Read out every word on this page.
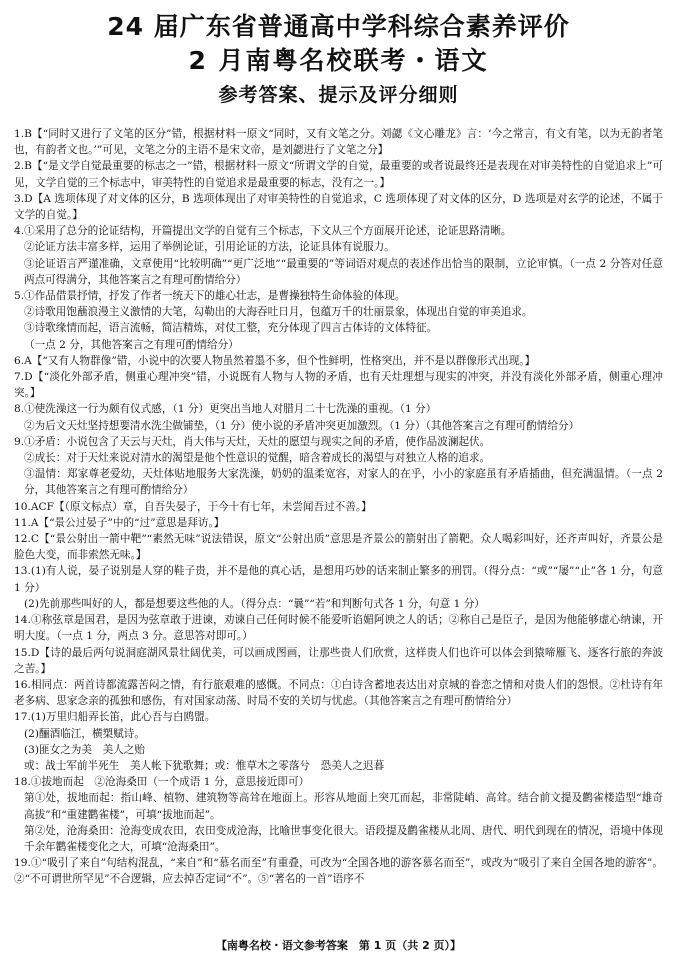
24 届广东省普通高中学科综合素养评价
2 月南粤名校联考・语文
参考答案、提示及评分细则
1.B【“同时又进行了文笔的区分”错，根据材料一原文“同时，又有文笔之分。刘勰《文心雕龙》言：‘今之常言，有文有笔，以为无韵者笔也，有韵者文也。’”可见，文笔之分的主语不是宋文帝，是刘勰进行了文笔之分】
2.B【“是文学自觉最重要的标志之一”错，根据材料一原文“所谓文学的自觉，最重要的或者说最终还是表现在对审美特性的自觉追求上”可见，文学自觉的三个标志中，审美特性的自觉追求是最重要的标志，没有之一。】
3.D【A 选项体现了对文体的区分，B 选项体现出了对审美特性的自觉追求，C 选项体现了对文体的区分，D 选项是对玄学的论述，不属于文学的自觉。】
4.①采用了总分的论证结构，开篇提出文学的自觉有三个标志，下文从三个方面展开论述，论证思路清晰。
②论证方法丰富多样，运用了举例论证，引用论证的方法，论证具体有说服力。
③论证语言严谨准确，文章使用“比较明确”“更广泛地”“最重要的”等词语对观点的表述作出恰当的限制，立论审慎。（一点 2 分答对任意两点可得满分，其他答案言之有理可酌情给分）
5.①作品借景抒情，抒发了作者一统天下的雄心壮志，是曹操独特生命体验的体现。
②诗歌用饱蘸浪漫主义激情的大笔，勾勒出的大海吞吐日月，包蕴万千的壮丽景象，体现出自觉的审美追求。
③诗歌缘情而起，语言流畅，简洁精炼，对仗工整，充分体现了四言古体诗的文体特征。
（一点 2 分，其他答案言之有理可酌情给分）
6.A【“又有人物群像”错，小说中的次要人物虽然着墨不多，但个性鲜明，性格突出，并不是以群像形式出现。】
7.D【“淡化外部矛盾，侧重心理冲突”错，小说既有人物与人物的矛盾，也有天灶理想与现实的冲突，并没有淡化外部矛盾，侧重心理冲突。】
8.①使洗澡这一行为颇有仪式感，（1 分）更突出当地人对腊月二十七洗澡的重视。（1 分）
②为后文天灶坚持想要清水洗尘做铺垫，（1 分）使小说的矛盾冲突更加激烈。（1 分）（其他答案言之有理可酌情给分）
9.①矛盾：小说包含了天云与天灶，肖大伟与天灶，天灶的愿望与现实之间的矛盾，使作品波澜起伏。
②成长：对于天灶来说对清水的渴望是他个性意识的觉醒，暗含着成长的渴望与对独立人格的追求。
③温情：郑家尊老爱幼，天灶体贴地服务大家洗澡，奶奶的温柔宽容，对家人的在乎，小小的家庭虽有矛盾插曲，但充满温情。（一点 2 分，其他答案言之有理可酌情给分）
10.ACF【（原文标点）章，自吾失晏子，于今十有七年，未尝闻吾过不善。】
11.A【“景公过晏子”中的“过”意思是拜访。】
12.C【“景公射出一箭中靶”“素然无味”说法错误，原文“公射出质”意思是齐景公的箭射出了箭靶。众人喝彩叫好，还齐声叫好，齐景公是脸色大变，而非索然无味。】
13.(1)有人说，晏子说别是人穿的鞋子贵，并不是他的真心话，是想用巧妙的话来制止繁多的刑罚。（得分点：“或”“屡”“止”各 1 分，句意 1 分）
(2)先前那些叫好的人，都是想要这些他的人。（得分点：“曩”“若”和判断句式各 1 分，句意 1 分）
14.①称弦章是国君，是因为弦章敢于进谏，劝谏自己任何时候不能爱听谄媚阿谀之人的话；②称自己是臣子，是因为他能够虚心纳谏，开明大度。（一点 1 分，两点 3 分。意思答对即可。）
15.D【诗的最后两句说洞庭湖风景壮阔优美，可以画成图画，让那些贵人们欣赏，这样贵人们也许可以体会到猿啼雁飞、逐客行旅的奔波之苦。】
16.相同点：两首诗都流露苦闷之情，有行旅艰难的感慨。不同点：①白诗含蓄地表达出对京城的眷恋之情和对贵人们的怨恨。②杜诗有年老多病、思家念亲的孤独和感伤，有对国家动荡、时局不安的关切与忧虑。（其他答案言之有理可酌情给分）
17.(1)万里归船弄长笛，此心吾与白鸥盟。
(2)酾酒临江，横槊赋诗。
(3)匪女之为美　美人之贻
或：战士军前半死生　美人帐下犹歌舞；或：惟草木之零落兮　恐美人之迟暮
18.①拔地而起　②沧海桑田（一个成语 1 分，意思接近即可）
第①处，拔地而起：指山峰、植物、建筑物等高耸在地面上。形容从地面上突兀而起，非常陡峭、高耸。结合前文提及鹳雀楼造型“雄奇高拔”和“重建鹳雀楼”，可填“拔地而起”。
第②处，沧海桑田：沧海变成农田，农田变成沧海，比喻世事变化很大。语段提及鹳雀楼从北周、唐代、明代到现在的情况，语境中体现千余年鹳雀楼变化之大，可填“沧海桑田”。
19.①“吸引了来自”句结构混乱，“来自”和“慕名而至”有重叠，可改为“全国各地的游客慕名而至”，或改为“吸引了来自全国各地的游客”。②“不可谓世所罕见”不合逻辑，应去掉否定词“不”。⑤“著名的一首”语序不
【南粤名校・语文参考答案　第 1 页（共 2 页）】
